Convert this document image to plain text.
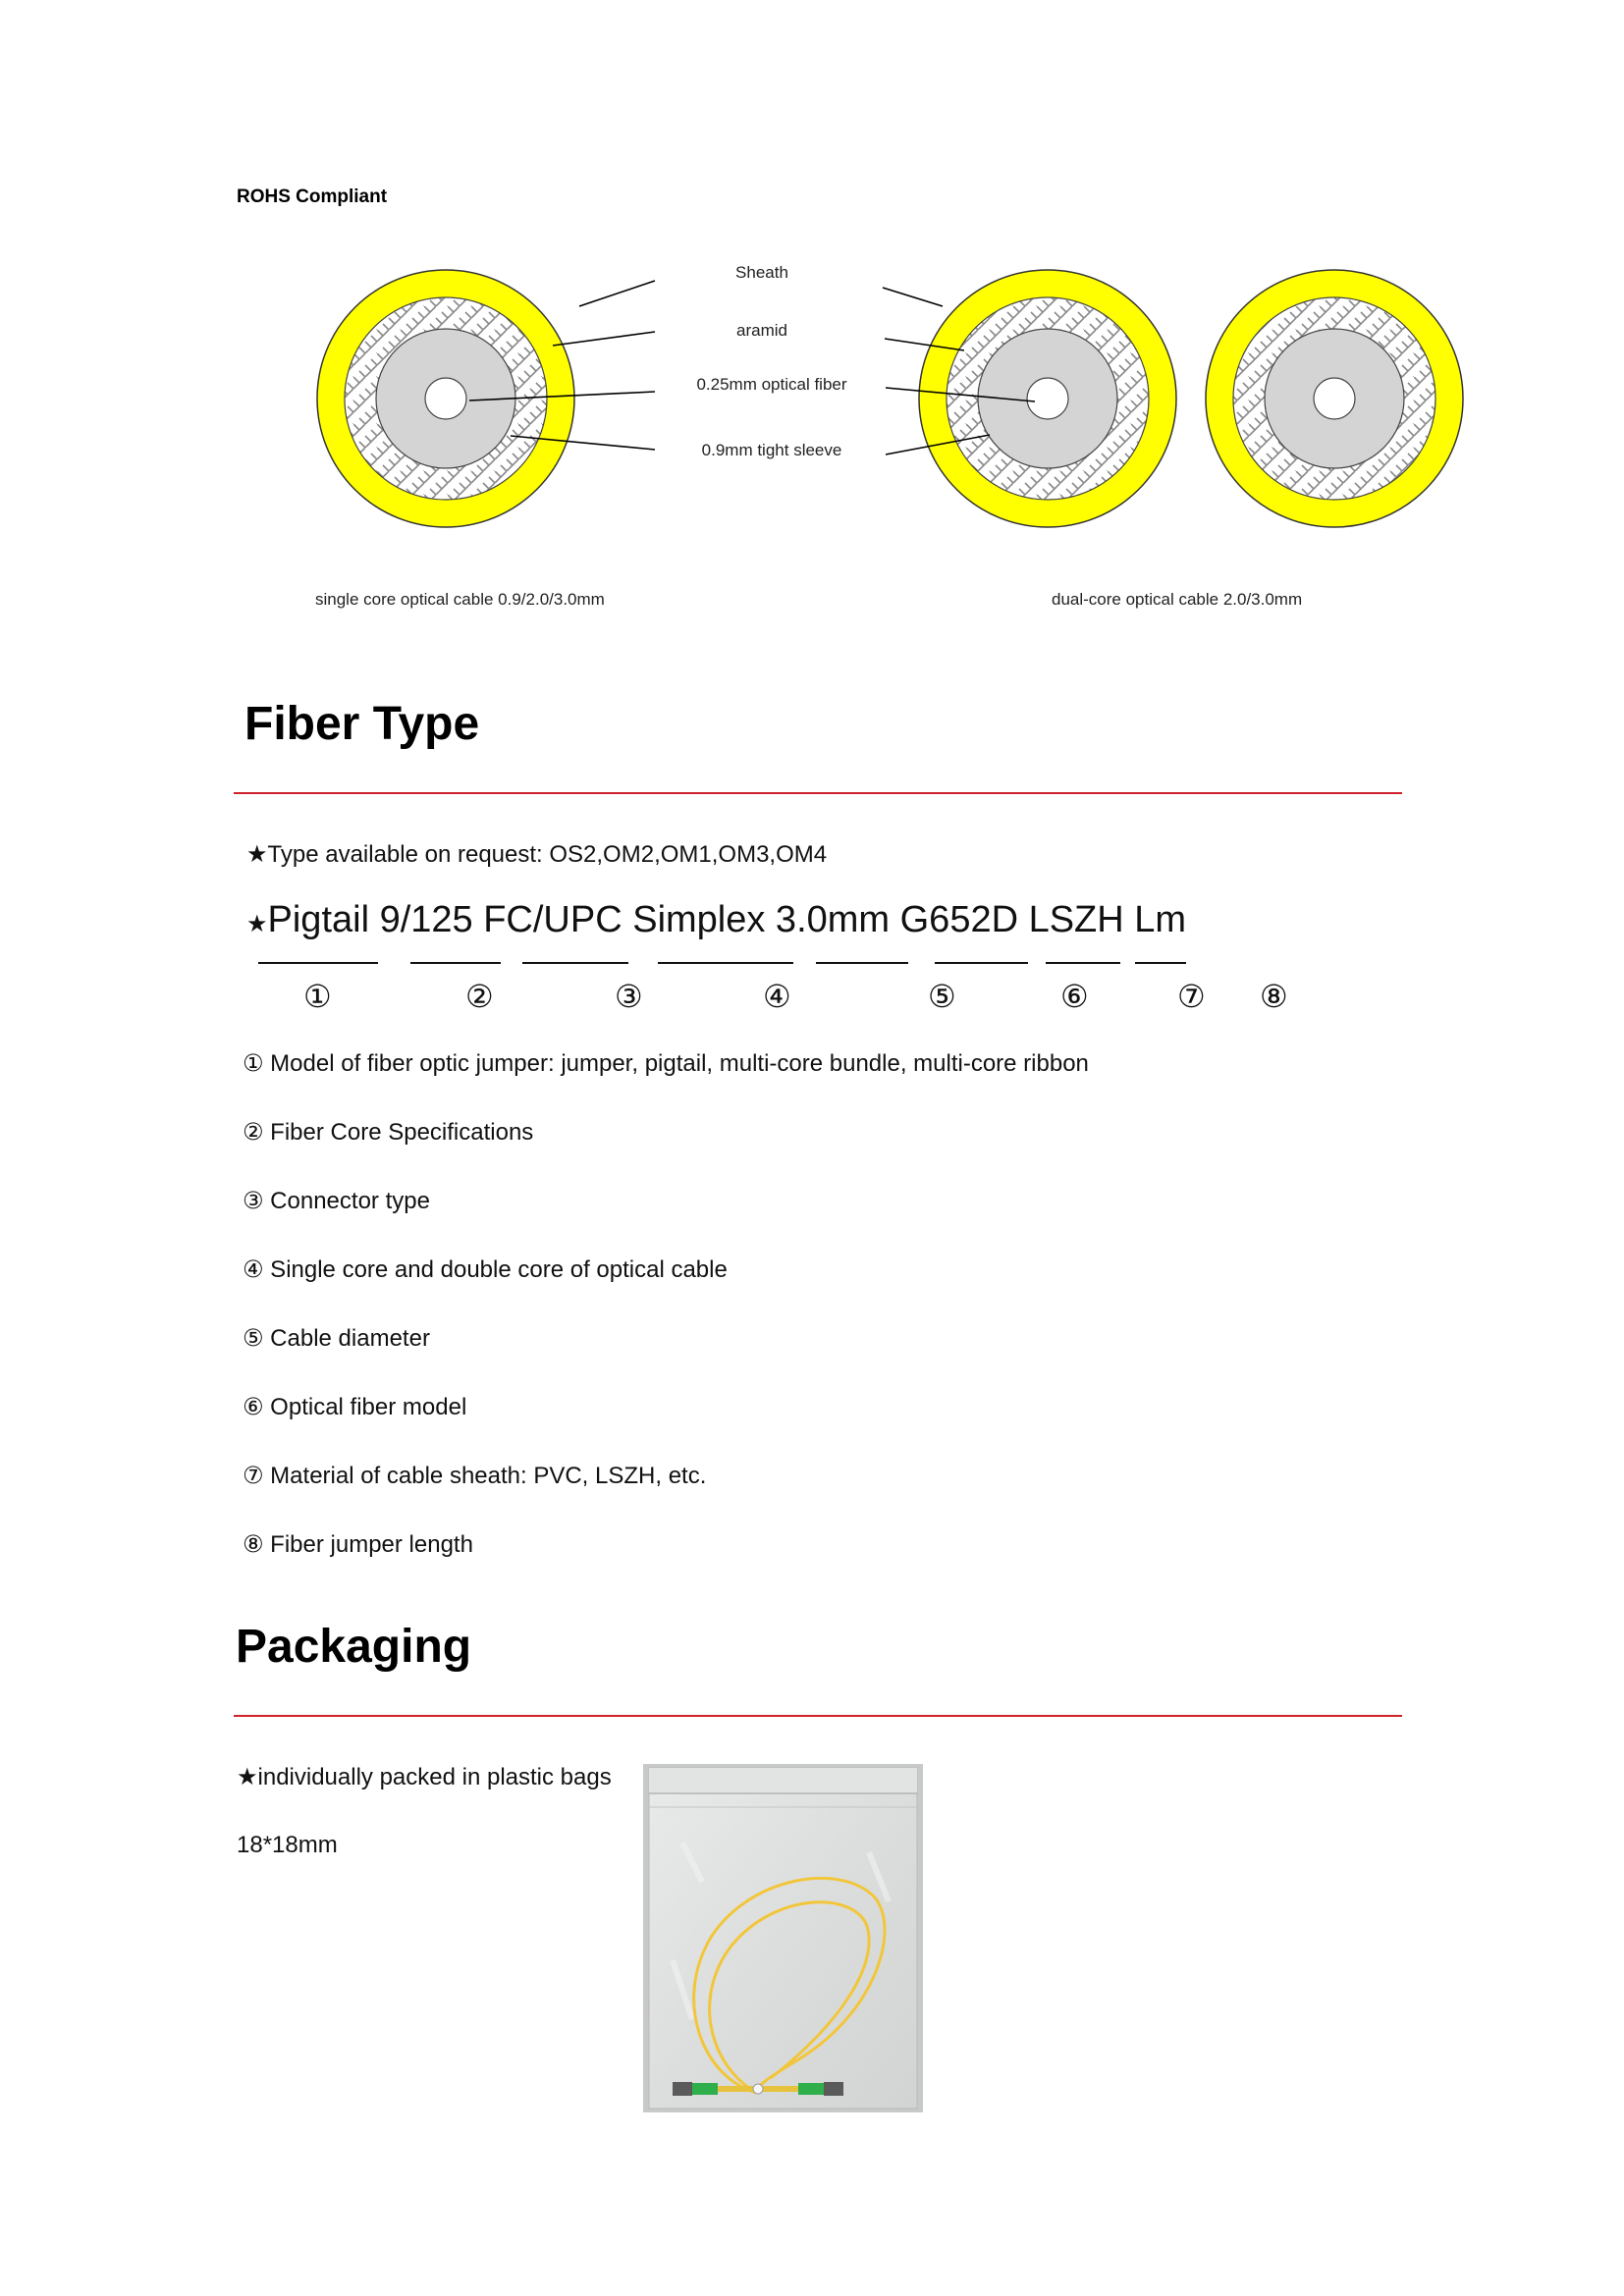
ROHS Compliant
Sheath
aramid
0.25mm optical fiber
0.9mm tight sleeve
single core optical cable 0.9/2.0/3.0mm	dual-core optical cable 2.0/3.0mm
Fiber Type
★Type available on request: OS2,OM2,OM1,OM3,OM4
★Pigtail 9/125 FC/UPC Simplex 3.0mm G652D LSZH Lm
①	②	③	④	⑤	⑥	⑦ ⑧
① Model of fiber optic jumper: jumper, pigtail, multi-core bundle, multi-core ribbon
② Fiber Core Specifications
③ Connector type
④ Single core and double core of optical cable
⑤ Cable diameter
⑥ Optical fiber model
⑦ Material of cable sheath: PVC, LSZH, etc.
⑧ Fiber jumper length
Packaging
★individually packed in plastic bags
18*18mm
